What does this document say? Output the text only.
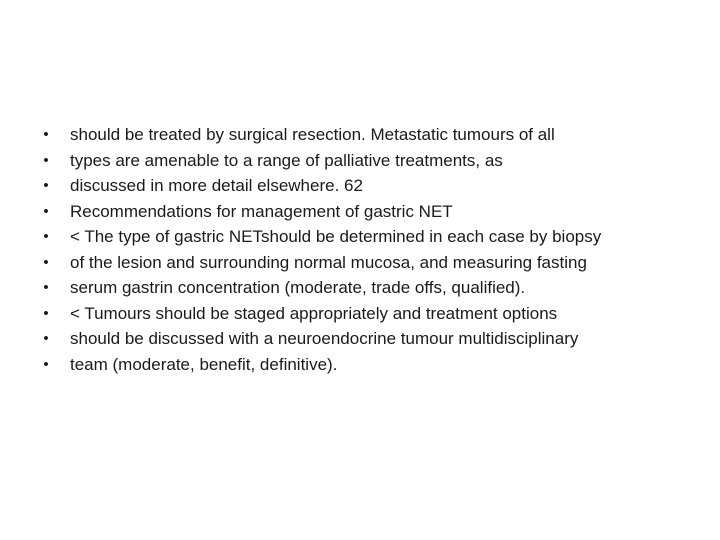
•	should be treated by surgical resection. Metastatic tumours of all
•	types are amenable to a range of palliative treatments, as
•	discussed in more detail elsewhere. 62
•	Recommendations for management of gastric NET
•	< The type of gastric NETshould be determined in each case by biopsy
•	of the lesion and surrounding normal mucosa, and measuring fasting
•	serum gastrin concentration (moderate, trade offs, qualified).
•	< Tumours should be staged appropriately and treatment options
•	should be discussed with a neuroendocrine tumour multidisciplinary
•	team (moderate, benefit, definitive).
